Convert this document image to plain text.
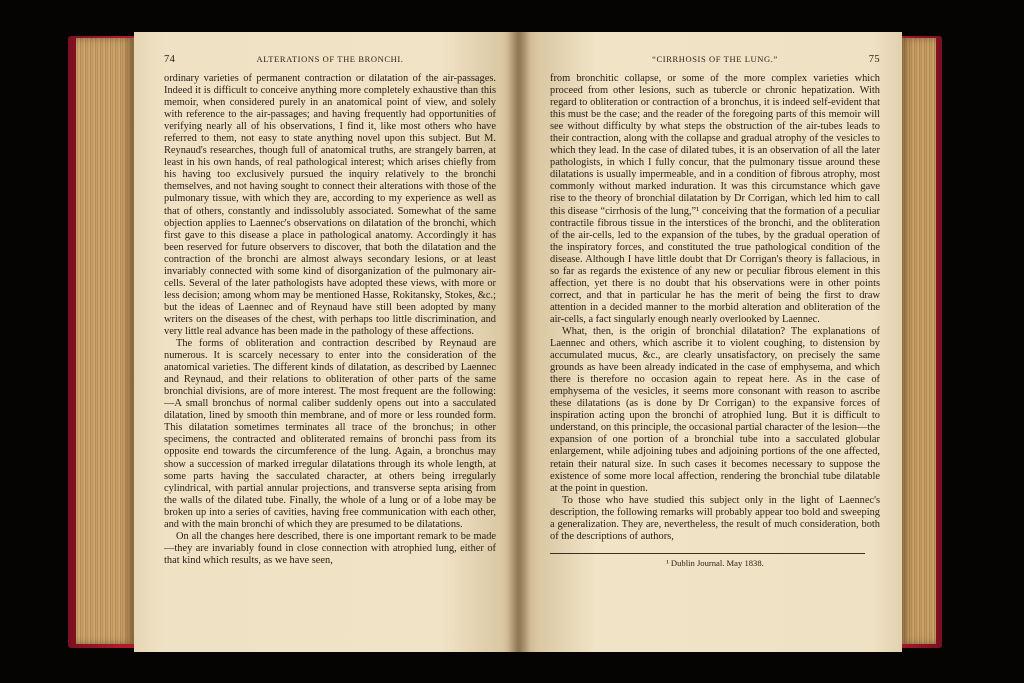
74	ALTERATIONS OF THE BRONCHI.

ordinary varieties of permanent contraction or dilatation of the air-passages. Indeed it is difficult to conceive anything more completely exhaustive than this memoir, when considered purely in an anatomical point of view, and solely with reference to the air-passages; and having frequently had opportunities of verifying nearly all of his observations, I find it, like most others who have referred to them, not easy to state anything novel upon this subject. But M. Reynaud's researches, though full of anatomical truths, are strangely barren, at least in his own hands, of real pathological interest; which arises chiefly from his having too exclusively pursued the inquiry relatively to the bronchi themselves, and not having sought to connect their alterations with those of the pulmonary tissue, with which they are, according to my experience as well as that of others, constantly and indissolubly associated. Somewhat of the same objection applies to Laennec's observations on dilatation of the bronchi, which first gave to this disease a place in pathological anatomy. Accordingly it has been reserved for future observers to discover, that both the dilatation and the contraction of the bronchi are almost always secondary lesions, or at least invariably connected with some kind of disorganization of the pulmonary air-cells. Several of the later pathologists have adopted these views, with more or less decision; among whom may be mentioned Hasse, Rokitansky, Stokes, &c.; but the ideas of Laennec and of Reynaud have still been adopted by many writers on the diseases of the chest, with perhaps too little discrimination, and very little real advance has been made in the pathology of these affections.

The forms of obliteration and contraction described by Reynaud are numerous. It is scarcely necessary to enter into the consideration of the anatomical varieties. The different kinds of dilatation, as described by Laennec and Reynaud, and their relations to obliteration of other parts of the same bronchial divisions, are of more interest. The most frequent are the following:—A small bronchus of normal caliber suddenly opens out into a sacculated dilatation, lined by smooth thin membrane, and of more or less rounded form. This dilatation sometimes terminates all trace of the bronchus; in other specimens, the contracted and obliterated remains of bronchi pass from its opposite end towards the circumference of the lung. Again, a bronchus may show a succession of marked irregular dilatations through its whole length, at some parts having the sacculated character, at others being irregularly cylindrical, with partial annular projections, and transverse septa arising from the walls of the dilated tube. Finally, the whole of a lung or of a lobe may be broken up into a series of cavities, having free communication with each other, and with the main bronchi of which they are presumed to be dilatations.

On all the changes here described, there is one important remark to be made—they are invariably found in close connection with atrophied lung, either of that kind which results, as we have seen,

“CIRRHOSIS OF THE LUNG.”	75

from bronchitic collapse, or some of the more complex varieties which proceed from other lesions, such as tubercle or chronic hepatization. With regard to obliteration or contraction of a bronchus, it is indeed self-evident that this must be the case; and the reader of the foregoing parts of this memoir will see without difficulty by what steps the obstruction of the air-tubes leads to their contraction, along with the collapse and gradual atrophy of the vesicles to which they lead. In the case of dilated tubes, it is an observation of all the later pathologists, in which I fully concur, that the pulmonary tissue around these dilatations is usually impermeable, and in a condition of fibrous atrophy, most commonly without marked induration. It was this circumstance which gave rise to the theory of bronchial dilatation by Dr Corrigan, which led him to call this disease “cirrhosis of the lung,”¹ conceiving that the formation of a peculiar contractile fibrous tissue in the interstices of the bronchi, and the obliteration of the air-cells, led to the expansion of the tubes, by the gradual operation of the inspiratory forces, and constituted the true pathological condition of the disease. Although I have little doubt that Dr Corrigan's theory is fallacious, in so far as regards the existence of any new or peculiar fibrous element in this affection, yet there is no doubt that his observations were in other points correct, and that in particular he has the merit of being the first to draw attention in a decided manner to the morbid alteration and obliteration of the air-cells, a fact singularly enough nearly overlooked by Laennec.

What, then, is the origin of bronchial dilatation? The explanations of Laennec and others, which ascribe it to violent coughing, to distension by accumulated mucus, &c., are clearly unsatisfactory, on precisely the same grounds as have been already indicated in the case of emphysema, and which there is therefore no occasion again to repeat here. As in the case of emphysema of the vesicles, it seems more consonant with reason to ascribe these dilatations (as is done by Dr Corrigan) to the expansive forces of inspiration acting upon the bronchi of atrophied lung. But it is difficult to understand, on this principle, the occasional partial character of the lesion—the expansion of one portion of a bronchial tube into a sacculated globular enlargement, while adjoining tubes and adjoining portions of the one affected, retain their natural size. In such cases it becomes necessary to suppose the existence of some more local affection, rendering the bronchial tube dilatable at the point in question.

To those who have studied this subject only in the light of Laennec's description, the following remarks will probably appear too bold and sweeping a generalization. They are, nevertheless, the result of much consideration, both of the descriptions of authors,

¹ Dublin Journal. May 1838.
